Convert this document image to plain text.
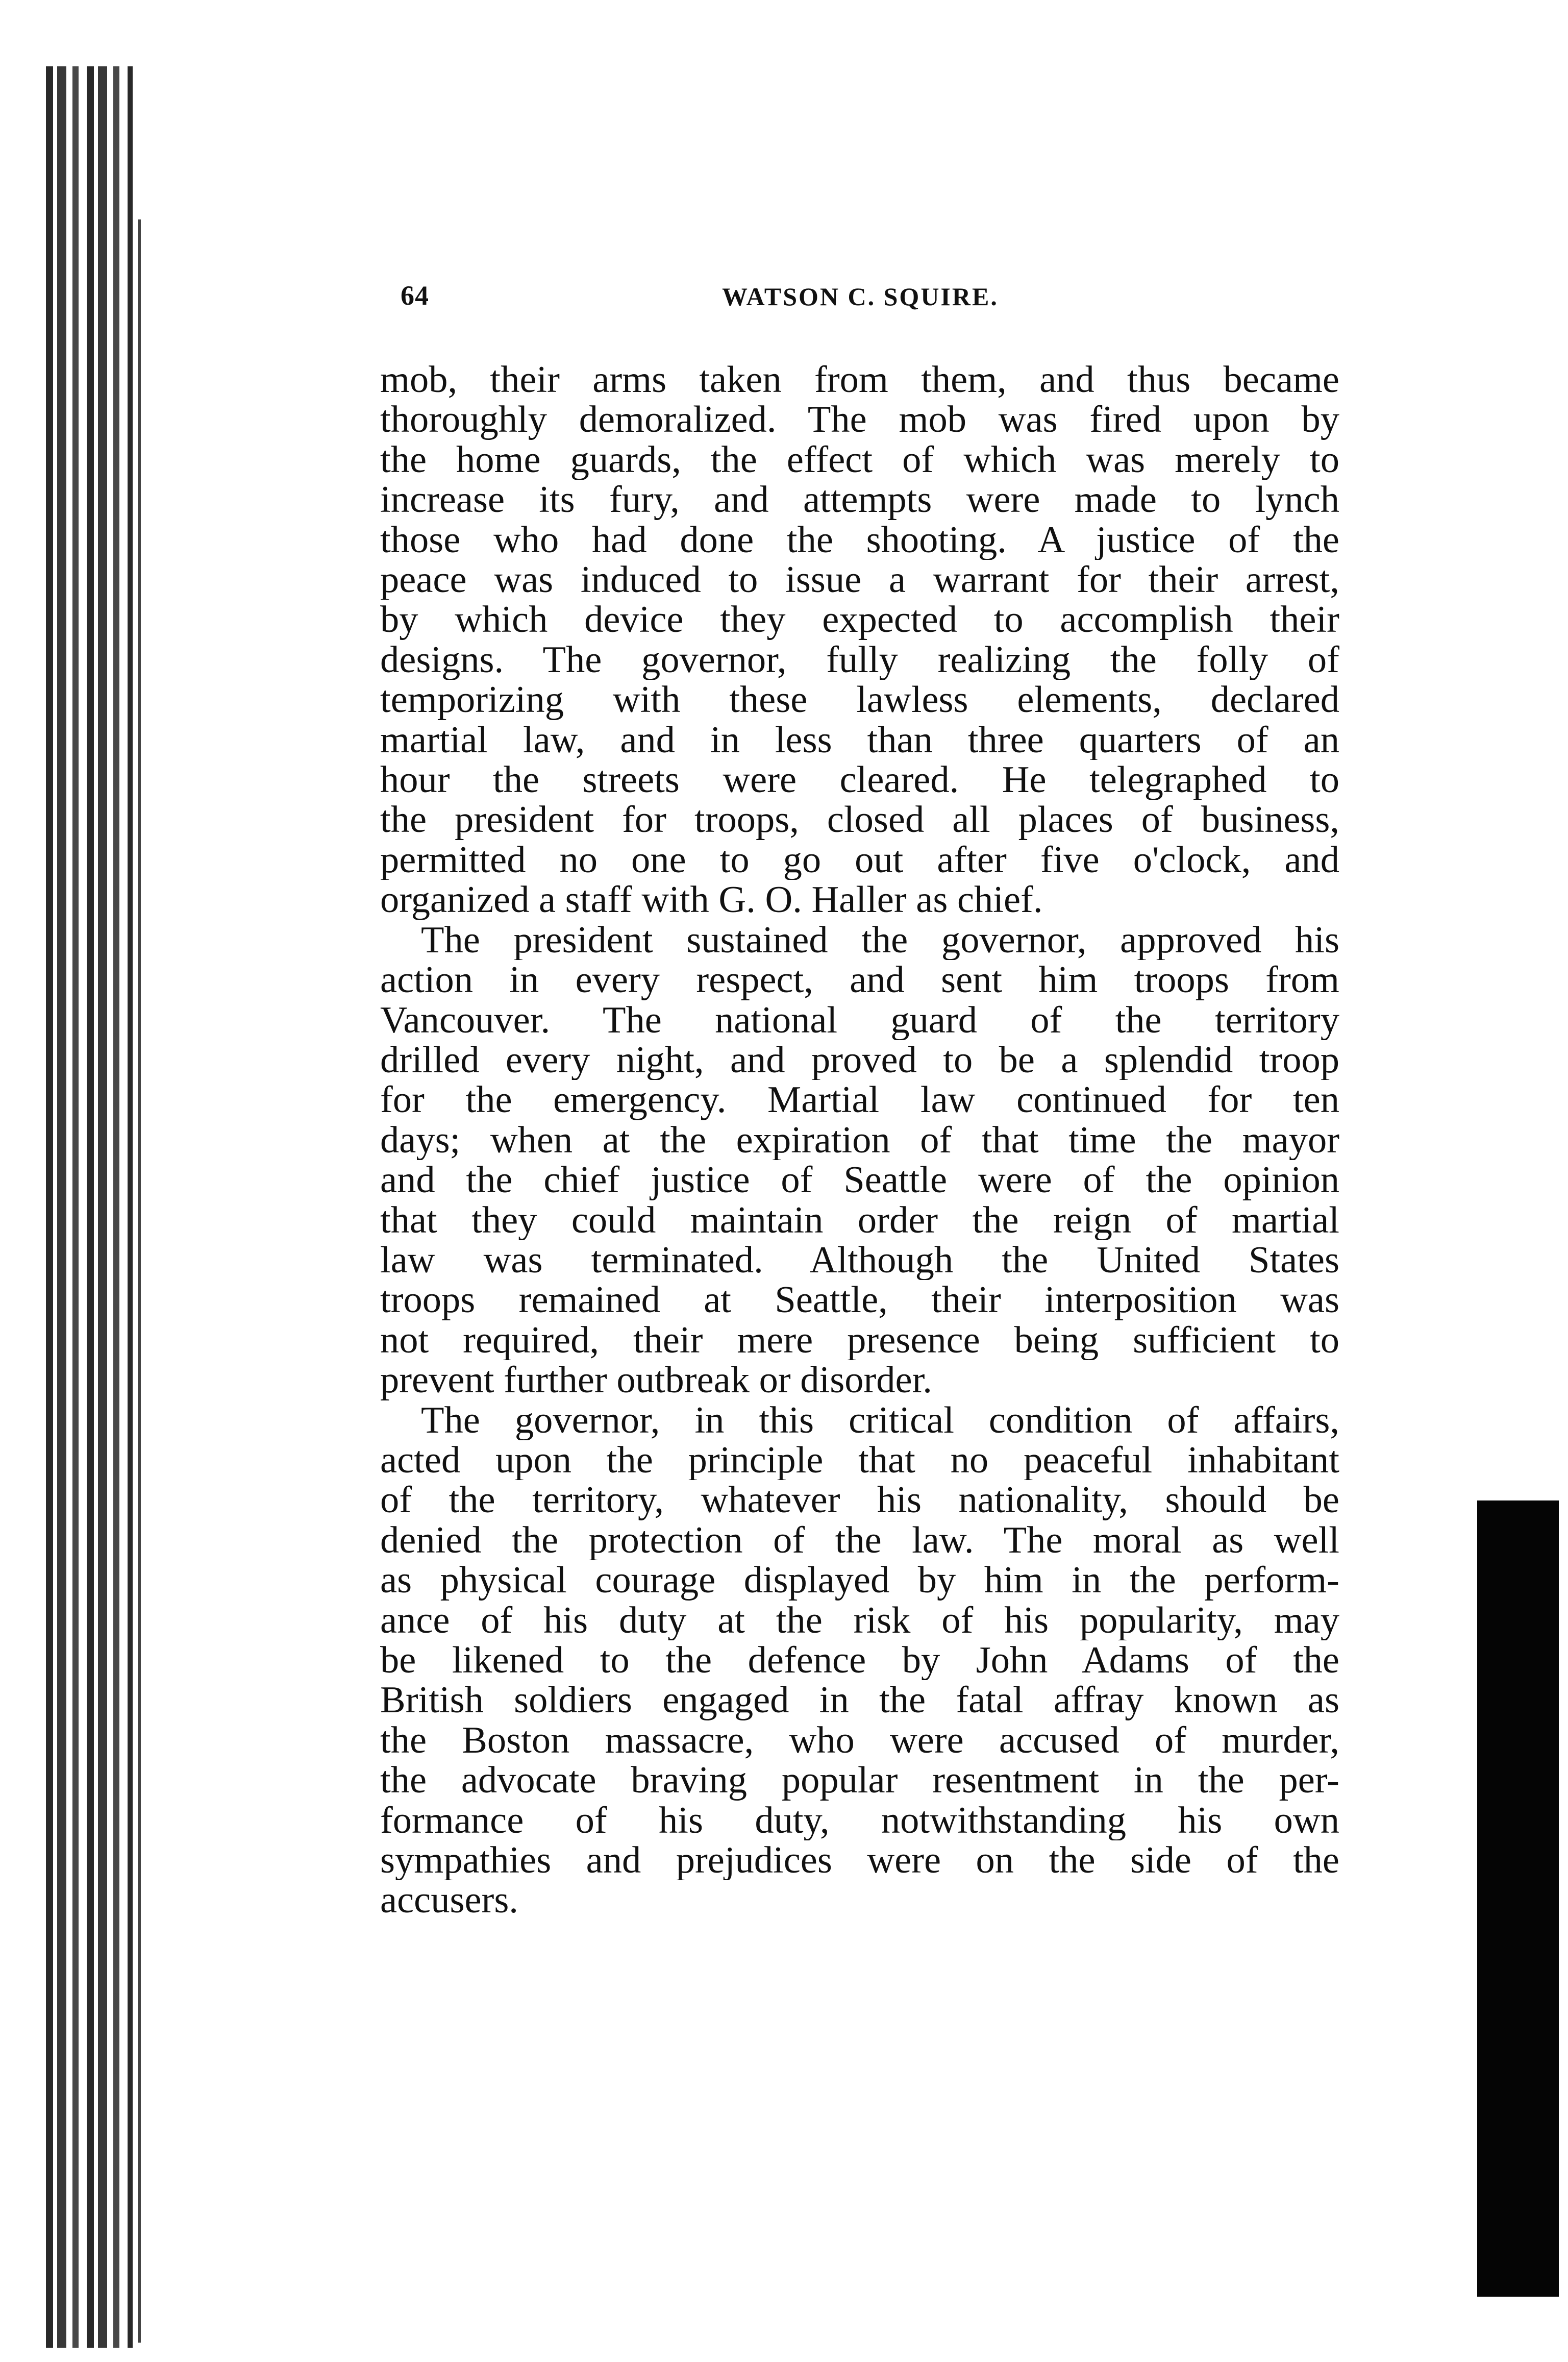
64	WATSON C. SQUIRE.
mob, their arms taken from them, and thus became
thoroughly demoralized. The mob was fired upon by
the home guards, the effect of which was merely to
increase its fury, and attempts were made to lynch
those who had done the shooting. A justice of the
peace was induced to issue a warrant for their arrest,
by which device they expected to accomplish their
designs. The governor, fully realizing the folly of
temporizing with these lawless elements, declared
martial law, and in less than three quarters of an
hour the streets were cleared. He telegraphed to
the president for troops, closed all places of business,
permitted no one to go out after five o'clock, and
organized a staff with G. O. Haller as chief.
The president sustained the governor, approved his
action in every respect, and sent him troops from
Vancouver. The national guard of the territory
drilled every night, and proved to be a splendid troop
for the emergency. Martial law continued for ten
days; when at the expiration of that time the mayor
and the chief justice of Seattle were of the opinion
that they could maintain order the reign of martial
law was terminated. Although the United States
troops remained at Seattle, their interposition was
not required, their mere presence being sufficient to
prevent further outbreak or disorder.
The governor, in this critical condition of affairs,
acted upon the principle that no peaceful inhabitant
of the territory, whatever his nationality, should be
denied the protection of the law. The moral as well
as physical courage displayed by him in the perform-
ance of his duty at the risk of his popularity, may
be likened to the defence by John Adams of the
British soldiers engaged in the fatal affray known as
the Boston massacre, who were accused of murder,
the advocate braving popular resentment in the per-
formance of his duty, notwithstanding his own
sympathies and prejudices were on the side of the
accusers.
